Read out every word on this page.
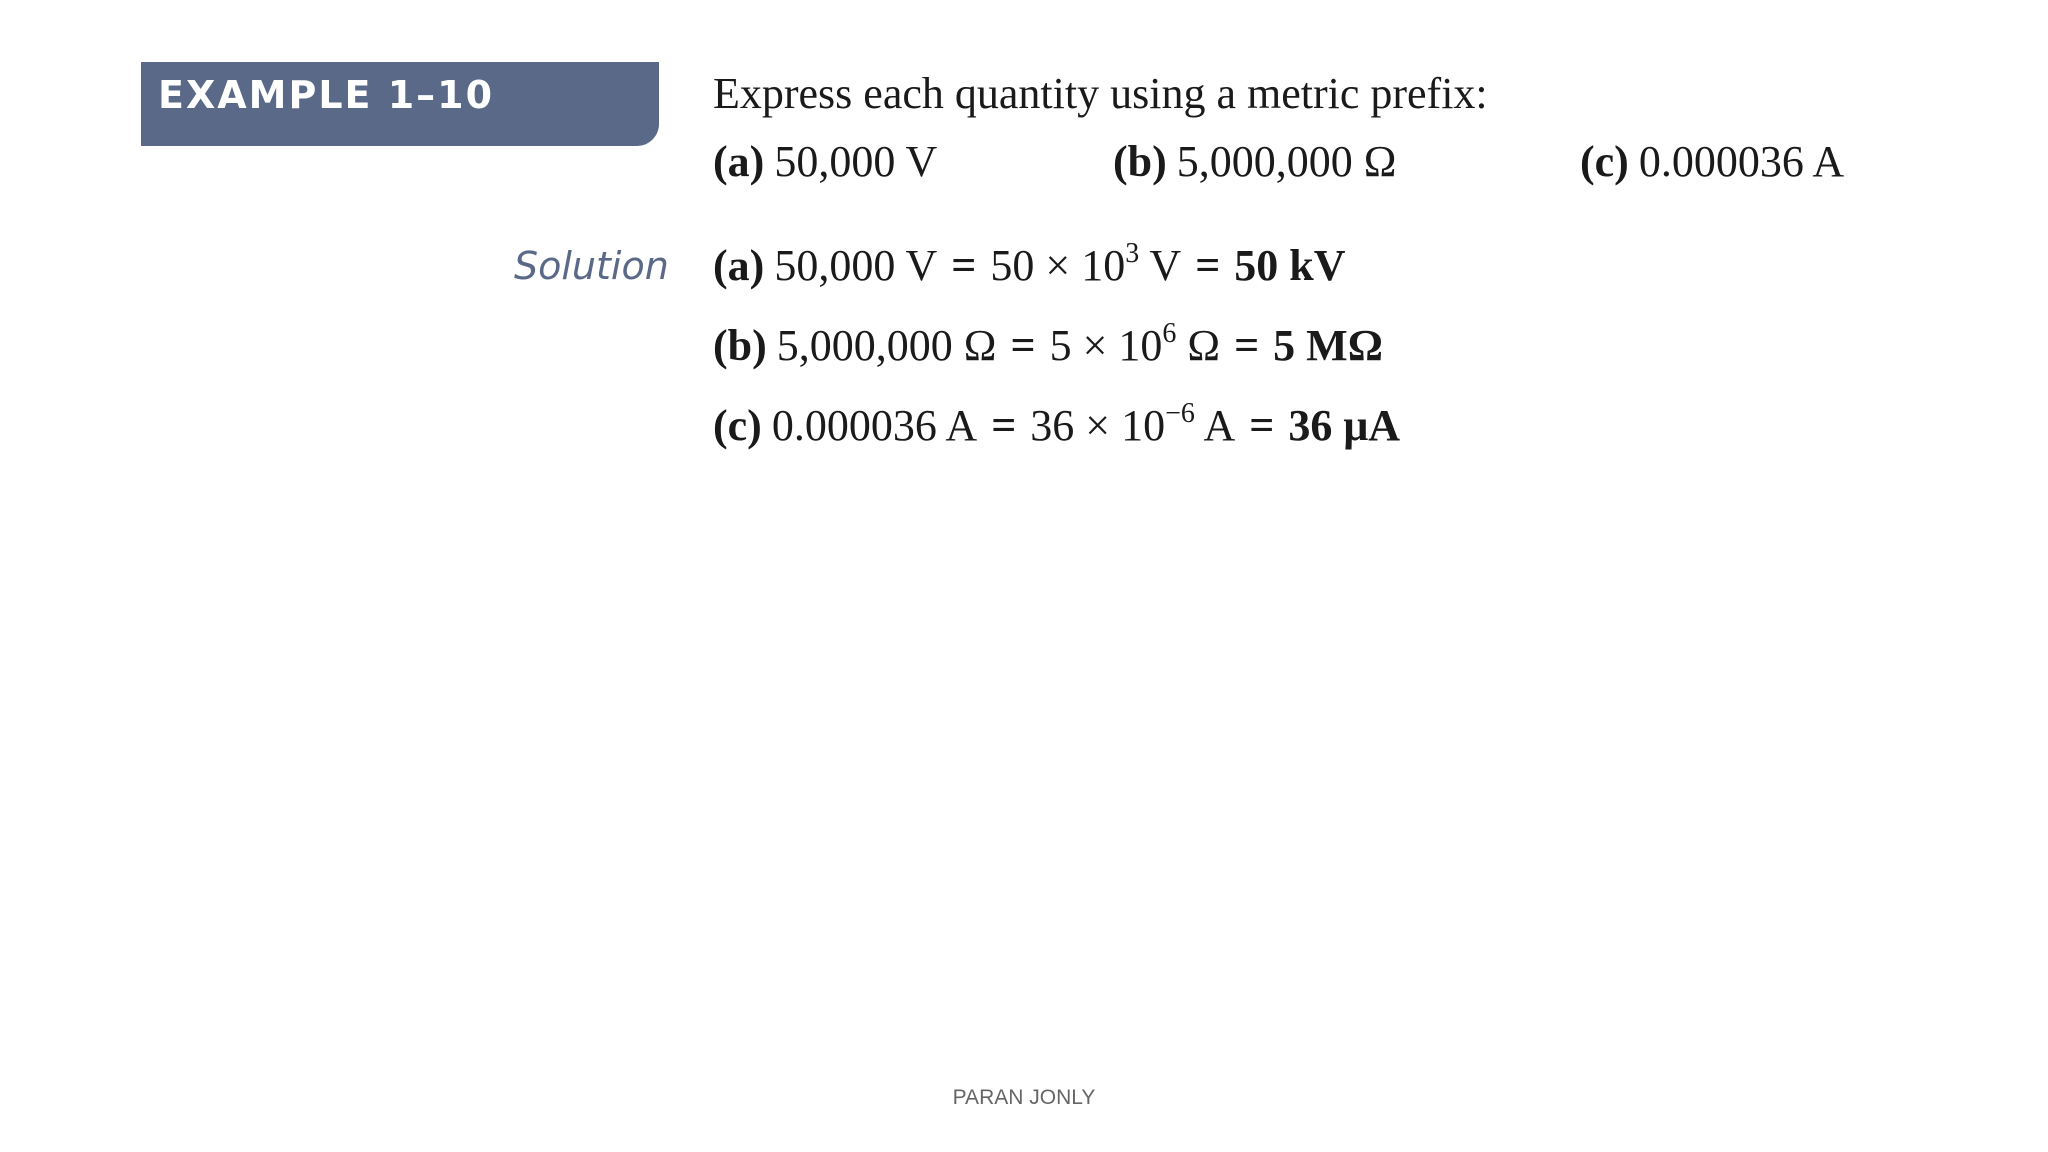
EXAMPLE 1–10	Express each quantity using a metric prefix:
(a) 50,000 V	(b) 5,000,000 Ω	(c) 0.000036 A
Solution (a) 50,000 $V = 50 \times 10^3$ V = 50 kV
(b) 5,000,000 $\Omega = 5 \times 10^6$ Ω = 5 MΩ
(c) 0.000036 $A = 36 \times 10^{-6}$ A = 36 μA
PARAN JONLY
